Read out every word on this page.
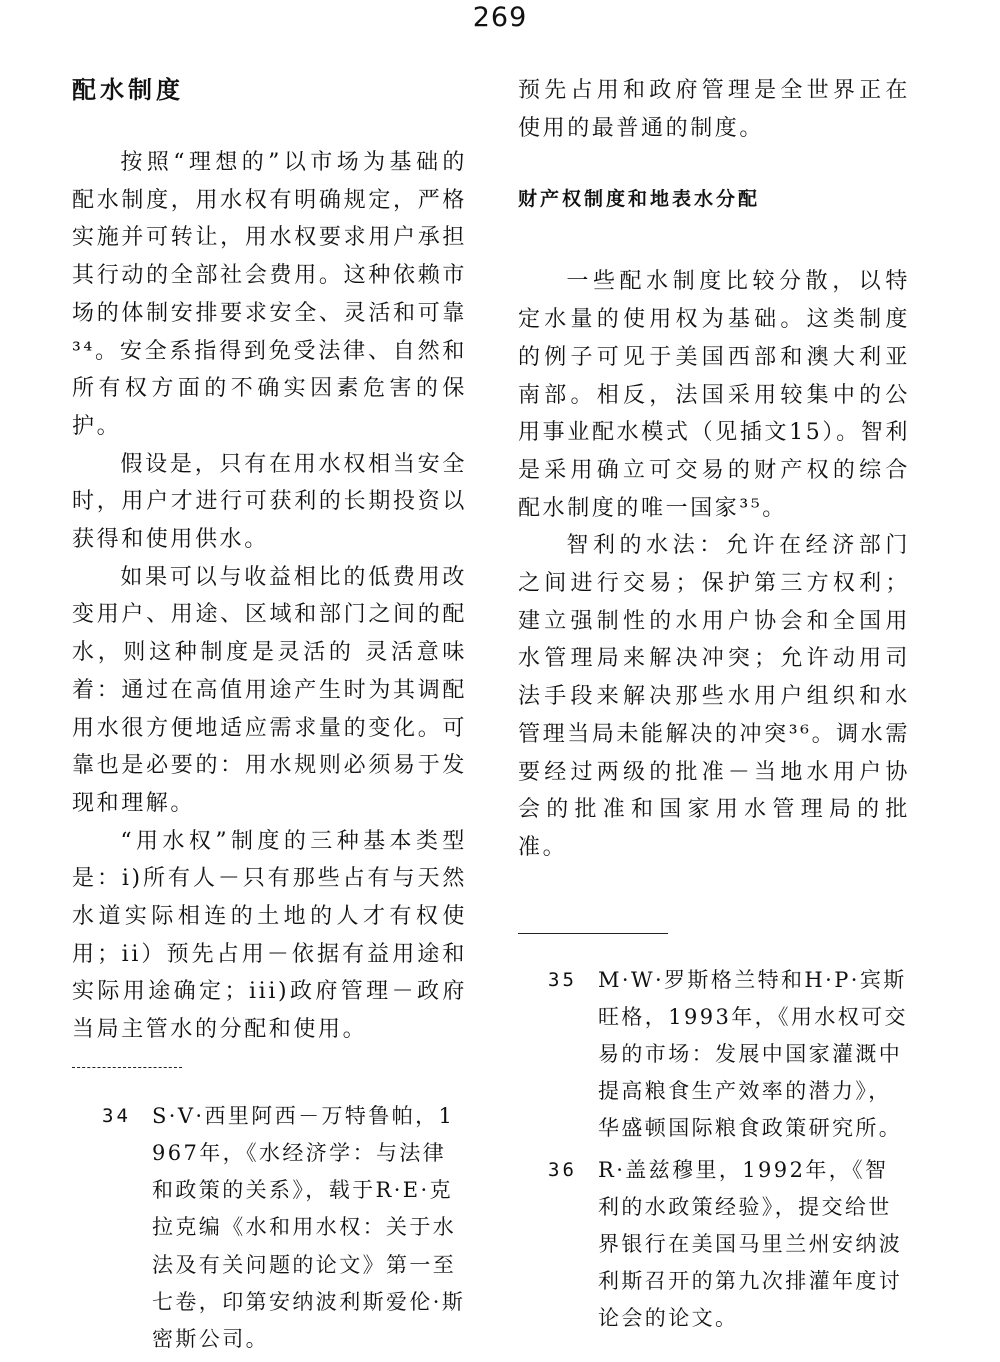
269
配水制度

按照“理想的”以市场为基础的配水制度，用水权有明确规定，严格实施并可转让，用水权要求用户承担其行动的全部社会费用。这种依赖市场的体制安排要求安全、灵活和可靠³⁴。安全系指得到免受法律、自然和所有权方面的不确实因素危害的保护。

假设是，只有在用水权相当安全时，用户才进行可获利的长期投资以获得和使用供水。

如果可以与收益相比的低费用改变用户、用途、区域和部门之间的配水，则这种制度是灵活的 灵活意味着：通过在高值用途产生时为其调配用水很方便地适应需求量的变化。可靠也是必要的：用水规则必须易于发现和理解。

“用水权”制度的三种基本类型是：i)所有人－只有那些占有与天然水道实际相连的土地的人才有权使用；ii）预先占用－依据有益用途和实际用途确定；iii)政府管理－政府当局主管水的分配和使用。

34 S·V·西里阿西－万特鲁帕，1967年，《水经济学：与法律和政策的关系》，载于R·E·克拉克编《水和用水权：关于水法及有关问题的论文》第一至七卷，印第安纳波利斯爱伦·斯密斯公司。

预先占用和政府管理是全世界正在使用的最普通的制度。

财产权制度和地表水分配

一些配水制度比较分散，以特定水量的使用权为基础。这类制度的例子可见于美国西部和澳大利亚南部。相反，法国采用较集中的公用事业配水模式（见插文15）。智利是采用确立可交易的财产权的综合配水制度的唯一国家³⁵。

智利的水法：允许在经济部门之间进行交易；保护第三方权利；建立强制性的水用户协会和全国用水管理局来解决冲突；允许动用司法手段来解决那些水用户组织和水管理当局未能解决的冲突³⁶。调水需要经过两级的批准－当地水用户协会的批准和国家用水管理局的批准。

35 M·W·罗斯格兰特和H·P·宾斯旺格，1993年，《用水权可交易的市场：发展中国家灌溉中提高粮食生产效率的潜力》，华盛顿国际粮食政策研究所。
36 R·盖兹穆里，1992年，《智利的水政策经验》，提交给世界银行在美国马里兰州安纳波利斯召开的第九次排灌年度讨论会的论文。
